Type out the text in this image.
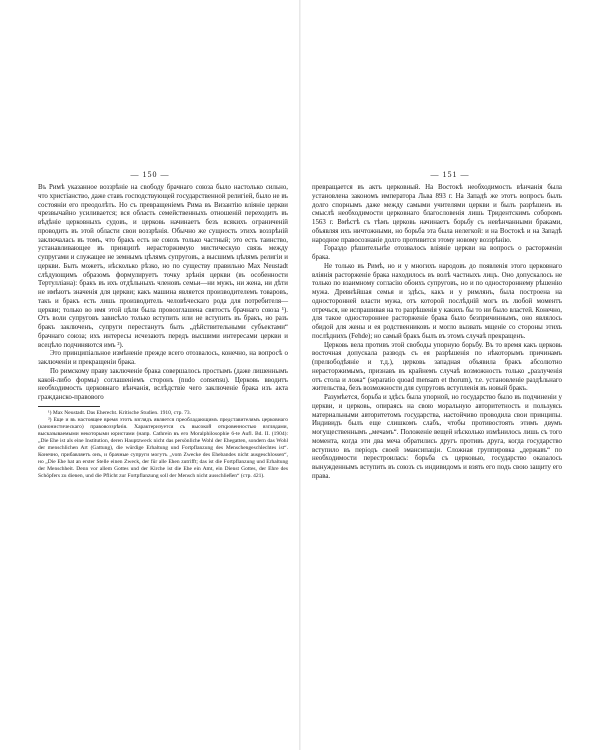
— 150 —

Въ Римѣ указанное воззрѣніе на свободу брачнаго союза было настолько сильно, что христіанство, даже ставъ господствующей государственной религіей, было не въ состояніи его преодолѣть. Но съ превращеніемъ Рима въ Византію вліяніе церкви чрезвычайно усиливается; вся область семейственныхъ отношеній переходитъ въ вѣдѣніе церковныхъ судовъ, и церковь начинаетъ безъ всякихъ ограниченій проводить въ этой области свои воззрѣнія. Обычно же сущность этихъ воззрѣній заключалась въ томъ, что бракъ есть не союзъ только частный; это есть таинство, устанавливающее въ принципѣ нерасторжимую мистическую связь между супругами и служащее не земнымъ цѣлямъ супруговъ, а высшимъ цѣлямъ религіи и церкви. Быть можетъ, нѣсколько рѣзко, но по существу правильно Max Neustadt слѣдующимъ образомъ формулируетъ точку зрѣнія церкви (въ особенности Тертулліана): бракъ въ ихъ отдѣльныхъ членовъ семьи—ни мужъ, ни жена, ни дѣти не имѣютъ значенія для церкви; какъ машина является производителемъ товаровъ, такъ и бракъ есть лишь производитель человѣческаго рода для потребителя—церкви; только во имя этой цѣли была провозглашена святость брачнаго союза ¹). Отъ воли супруговъ зависѣло только вступить или не вступить въ бракъ, но разъ бракъ заключенъ, супруги перестанутъ быть „дѣйствительными субъектами“ брачнаго союза; ихъ интересы исчезаютъ передъ высшими интересами церкви и всецѣло подчиняются имъ ²).

Это принципіальное измѣненіе прежде всего отозвалось, конечно, на вопросѣ о заключеніи и прекращеніи брака.

По римскому праву заключеніе брака совершалось простымъ (даже лишеннымъ какой-либо формы) соглашеніемъ сторонъ (nudo consensu). Церковь вводитъ необходимость церковнаго вѣнчанія, вслѣдствіе чего заключеніе брака изъ акта гражданско-правового

¹) Max Neustadt. Das Eherecht. Kritische Studien. 1910, стр. 73.

²) Еще и въ настоящее время этотъ взглядъ является преобладающимъ представителямъ церковнаго (канонистическаго) правовоззрѣнія. Характеризуется съ высокой откровенностью взглядами, высказываемыми некоторыми юристами (напр. Cathrein въ его Moralphilosophie 6-te Aufl. Bd. II. (1904): „Die Ehe ist als eine Institution, deren Hauptzweck nicht das persönliche Wohl der Ehegatten, sondern das Wohl der menschlichen Art (Gattung), die würdige Erhaltung und Fortpflanzung des Menschengeschlechtes ist“. Конечно, прибавляетъ онъ, и брачные супруги могутъ „vom Zwecke des Ehebandes nicht ausgeschlossen“, но „Die Ehe hat an erster Stelle einen Zweck, der für alle Ehen zutrifft; das ist die Fortpflanzung und Erhaltung der Menschheit. Denn vor allem Gottes und der Kirche ist die Ehe ein Amt, ein Dienst Gottes, der Ehre des Schöpfers zu dienen, und die Pflicht zur Fortpflanzung soll der Mensch nicht ausschließen“ (стр. 421).

— 151 —

превращается въ актъ церковный. На Востокѣ необходимость вѣнчанія была установлена закономъ императора Льва 893 г. На Западѣ же этотъ вопросъ былъ долго спорнымъ даже между самыми учителями церкви и былъ разрѣшенъ въ смыслѣ необходимости церковнаго благословенія лишь Тридентскимъ соборомъ 1563 г. Вмѣстѣ съ тѣмъ церковь начинаетъ борьбу съ невѣнчанными браками, объявляя ихъ ничтожными, но борьба эта была нелегкой: и на Востокѣ и на Западѣ народное правосознаніе долго противится этому новому воззрѣнію.

Гораздо рѣшительнѣе отозвалось вліяніе церкви на вопросъ о расторженіи брака.

Не только въ Римѣ, но и у многихъ народовъ до появленія этого церковнаго вліянія расторженіе брака находилось въ волѣ частныхъ лицъ. Оно допускалось не только по взаимному согласію обоихъ супруговъ, но и по одностороннему рѣшенію мужа. Древнѣйшая семья и здѣсь, какъ и у римлянъ, была построена на односторонней власти мужа, отъ которой послѣдній могъ въ любой моментъ отречься, не испрашивая на то разрѣшенія у какихъ бы то ни было властей. Конечно, для такое одностороннее расторженіе брака было безпричиннымъ, оно являлось обидой для жены и ея родственниковъ и могло вызвать мщеніе со стороны этихъ послѣднихъ (Fehde); но самый бракъ былъ въ этомъ случаѣ прекращенъ.

Церковь вела противъ этой свободы упорную борьбу. Въ то время какъ церковь восточная допускала разводъ съ ея разрѣшенія по нѣкоторымъ причинамъ (прелюбодѣяніе и т.д.), церковь западная объявила бракъ абсолютно нерасторжимымъ, признавъ въ крайнемъ случаѣ возможность только „разлученія отъ стола и ложа“ (separatio quoad mensam et thorum), т.е. установленіе раздѣльнаго жительства, безъ возможности для супруговъ вступленія въ новый бракъ.

Разумѣется, борьба и здѣсь была упорной, но государство было въ подчиненіи у церкви, и церковь, опираясь на свою моральную авторитетность и пользуясь материальными авторитетомъ государства, настойчиво проводила свои принципы. Индивидъ былъ еще слишкомъ слабъ, чтобы противостоять этимъ двумъ могущественнымъ „мечамъ“. Положеніе вещей нѣсколько измѣнилось лишь съ того момента, когда эти два меча обратились другъ противъ друга, когда государство вступило въ періодъ своей эмансипаціи. Сложная группировка „державъ“ по необходимости перестроилась: борьба съ церковью, государство оказалось вынужденнымъ вступить въ союзъ съ индивидомъ и взять его подъ свою защиту его права.
